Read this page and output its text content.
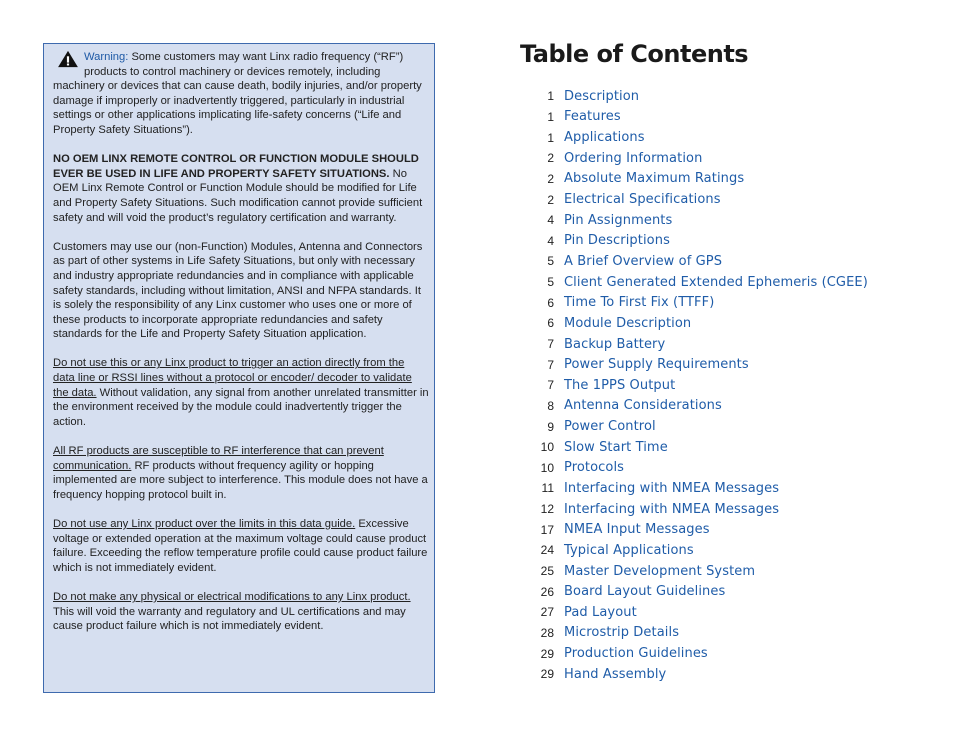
Warning: Some customers may want Linx radio frequency (“RF”) products to control machinery or devices remotely, including machinery or devices that can cause death, bodily injuries, and/or property damage if improperly or inadvertently triggered, particularly in industrial settings or other applications implicating life-safety concerns (“Life and Property Safety Situations”).

NO OEM LINX REMOTE CONTROL OR FUNCTION MODULE SHOULD EVER BE USED IN LIFE AND PROPERTY SAFETY SITUATIONS. No OEM Linx Remote Control or Function Module should be modified for Life and Property Safety Situations. Such modification cannot provide sufficient safety and will void the product’s regulatory certification and warranty.

Customers may use our (non-Function) Modules, Antenna and Connectors as part of other systems in Life Safety Situations, but only with necessary and industry appropriate redundancies and in compliance with applicable safety standards, including without limitation, ANSI and NFPA standards. It is solely the responsibility of any Linx customer who uses one or more of these products to incorporate appropriate redundancies and safety standards for the Life and Property Safety Situation application.

Do not use this or any Linx product to trigger an action directly from the data line or RSSI lines without a protocol or encoder/ decoder to validate the data. Without validation, any signal from another unrelated transmitter in the environment received by the module could inadvertently trigger the action.

All RF products are susceptible to RF interference that can prevent communication. RF products without frequency agility or hopping implemented are more subject to interference. This module does not have a frequency hopping protocol built in.

Do not use any Linx product over the limits in this data guide. Excessive voltage or extended operation at the maximum voltage could cause product failure. Exceeding the reflow temperature profile could cause product failure which is not immediately evident.

Do not make any physical or electrical modifications to any Linx product. This will void the warranty and regulatory and UL certifications and may cause product failure which is not immediately evident.

Table of Contents
1 Description
1 Features
1 Applications
2 Ordering Information
2 Absolute Maximum Ratings
2 Electrical Specifications
4 Pin Assignments
4 Pin Descriptions
5 A Brief Overview of GPS
5 Client Generated Extended Ephemeris (CGEE)
6 Time To First Fix (TTFF)
6 Module Description
7 Backup Battery
7 Power Supply Requirements
7 The 1PPS Output
8 Antenna Considerations
9 Power Control
10 Slow Start Time
10 Protocols
11 Interfacing with NMEA Messages
12 Interfacing with NMEA Messages
17 NMEA Input Messages
24 Typical Applications
25 Master Development System
26 Board Layout Guidelines
27 Pad Layout
28 Microstrip Details
29 Production Guidelines
29 Hand Assembly
